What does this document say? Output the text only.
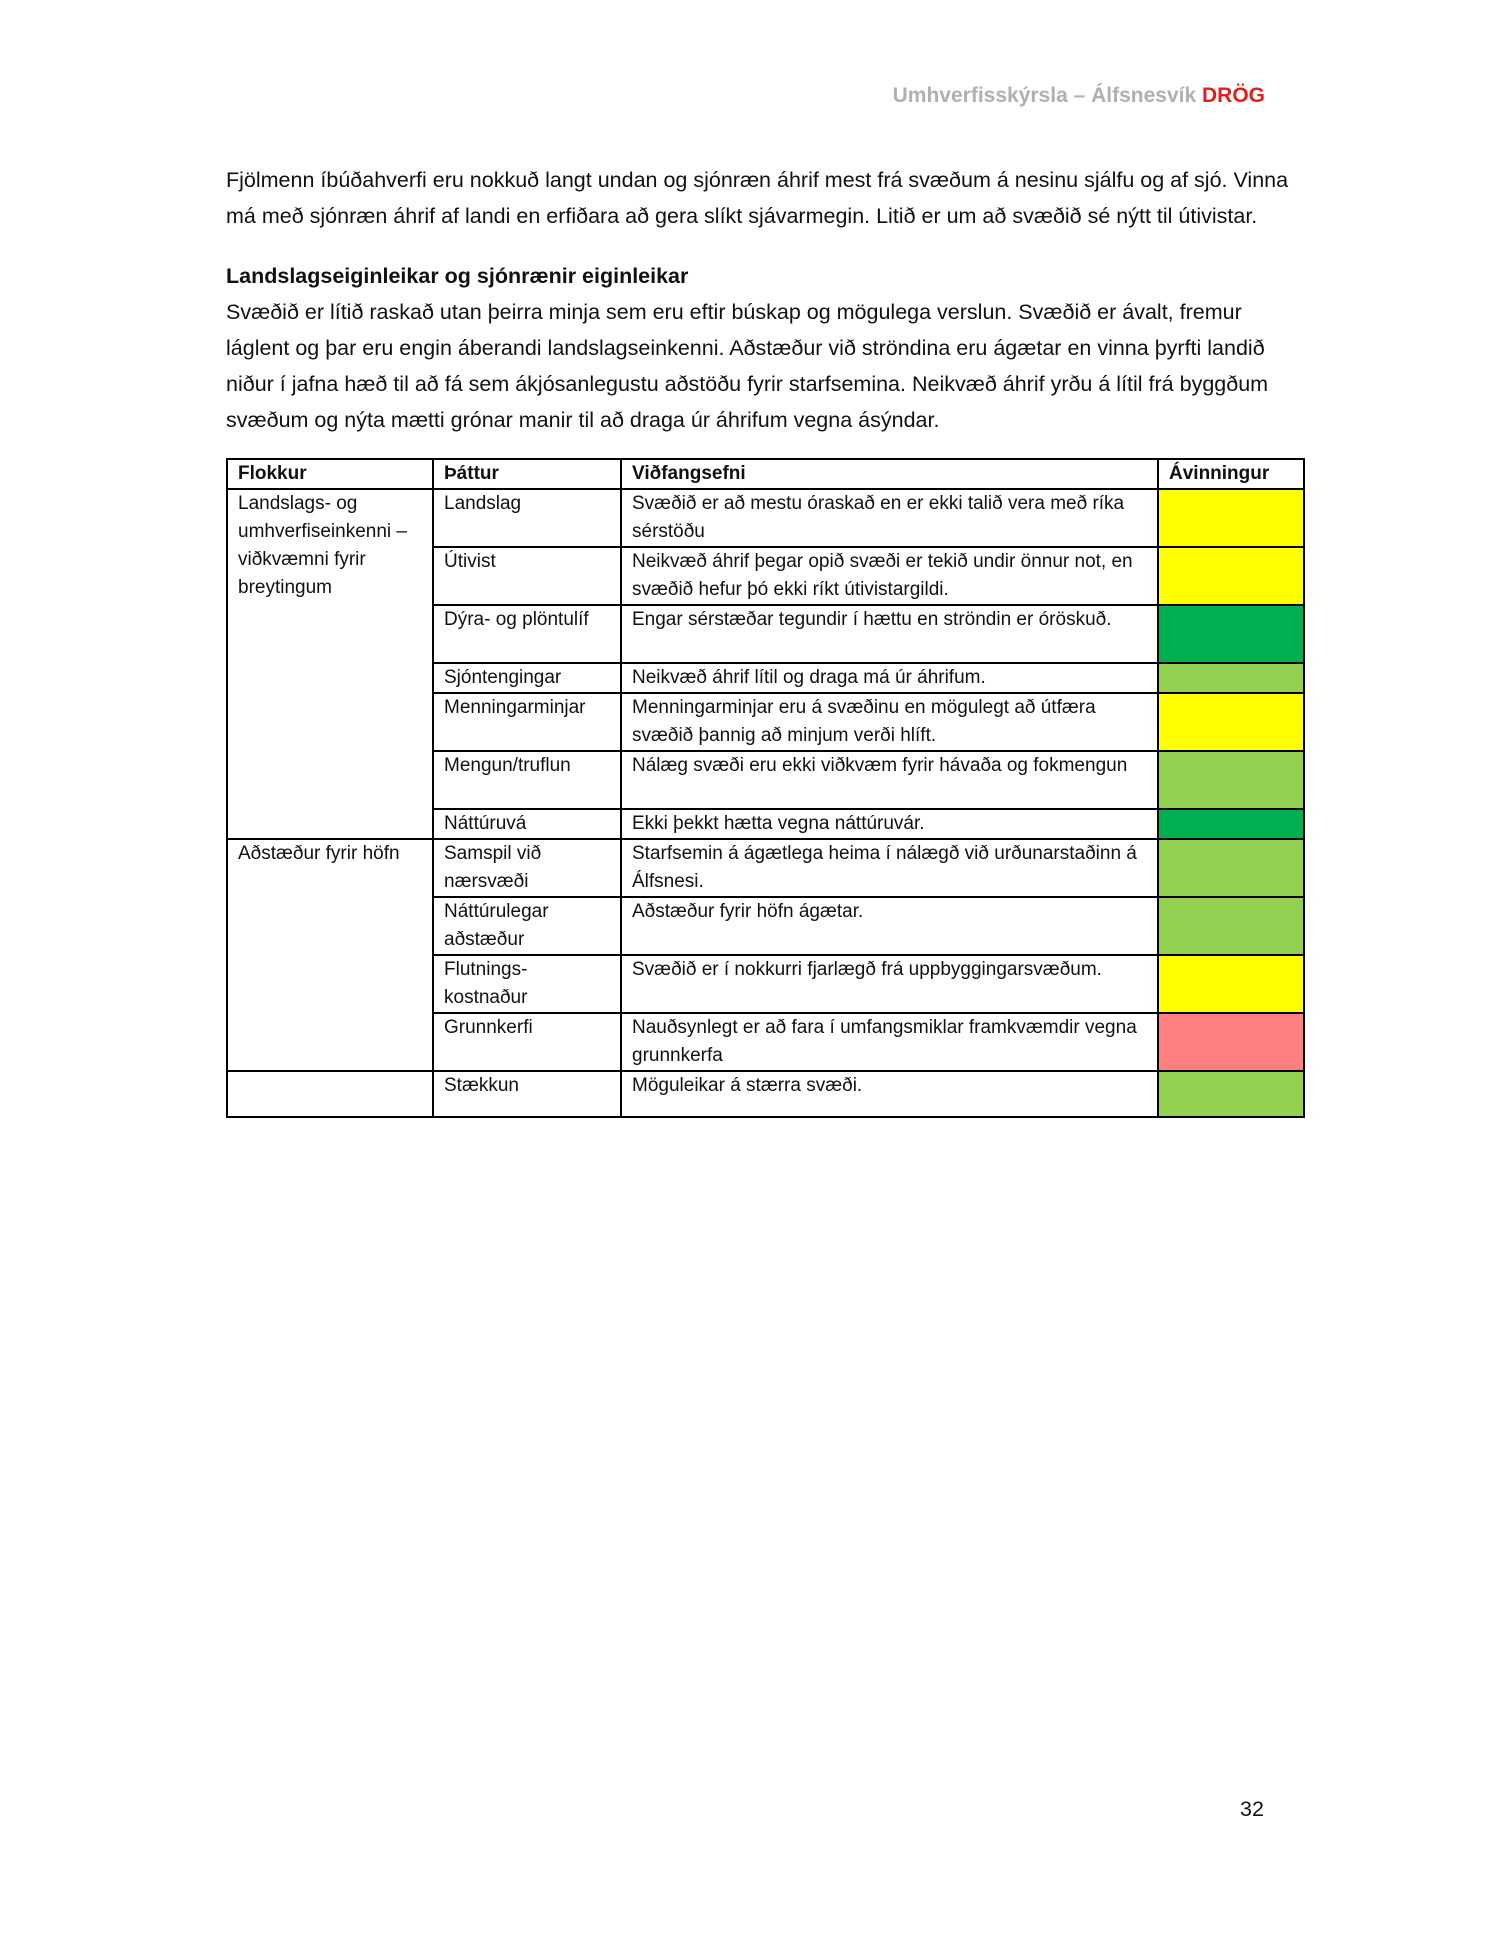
Umhverfisskýrsla – Álfsnesvík DRÖG

Fjölmenn íbúðahverfi eru nokkuð langt undan og sjónræn áhrif mest frá svæðum á nesinu sjálfu og af sjó. Vinna má með sjónræn áhrif af landi en erfiðara að gera slíkt sjávarmegin. Litið er um að svæðið sé nýtt til útivistar.

Landslagseiginleikar og sjónrænir eiginleikar

Svæðið er lítið raskað utan þeirra minja sem eru eftir búskap og mögulega verslun. Svæðið er ávalt, fremur láglent og þar eru engin áberandi landslagseinkenni. Aðstæður við ströndina eru ágætar en vinna þyrfti landið niður í jafna hæð til að fá sem ákjósanlegustu aðstöðu fyrir starfsemina. Neikvæð áhrif yrðu á lítil frá byggðum svæðum og nýta mætti grónar manir til að draga úr áhrifum vegna ásýndar.

Flokkur	Þáttur	Viðfangsefni	Ávinningur
Landslags- og umhverfiseinkenni – viðkvæmni fyrir breytingum	Landslag	Svæðið er að mestu óraskað en er ekki talið vera með ríka sérstöðu	
	Útivist	Neikvæð áhrif þegar opið svæði er tekið undir önnur not, en svæðið hefur þó ekki ríkt útivistargildi.	
	Dýra- og plöntulíf	Engar sérstæðar tegundir í hættu en ströndin er óröskuð.	
	Sjóntengingar	Neikvæð áhrif lítil og draga má úr áhrifum.	
	Menningarminjar	Menningarminjar eru á svæðinu en mögulegt að útfæra svæðið þannig að minjum verði hlíft.	
	Mengun/truflun	Nálæg svæði eru ekki viðkvæm fyrir hávaða og fokmengun	
	Náttúruvá	Ekki þekkt hætta vegna náttúruvár.	
Aðstæður fyrir höfn	Samspil við nærsvæði	Starfsemin á ágætlega heima í nálægð við urðunarstaðinn á Álfsnesi.	
	Náttúrulegar aðstæður	Aðstæður fyrir höfn ágætar.	
	Flutnings-kostnaður	Svæðið er í nokkurri fjarlægð frá uppbyggingarsvæðum.	
	Grunnkerfi	Nauðsynlegt er að fara í umfangsmiklar framkvæmdir vegna grunnkerfa	
	Stækkun	Möguleikar á stærra svæði.	
32
